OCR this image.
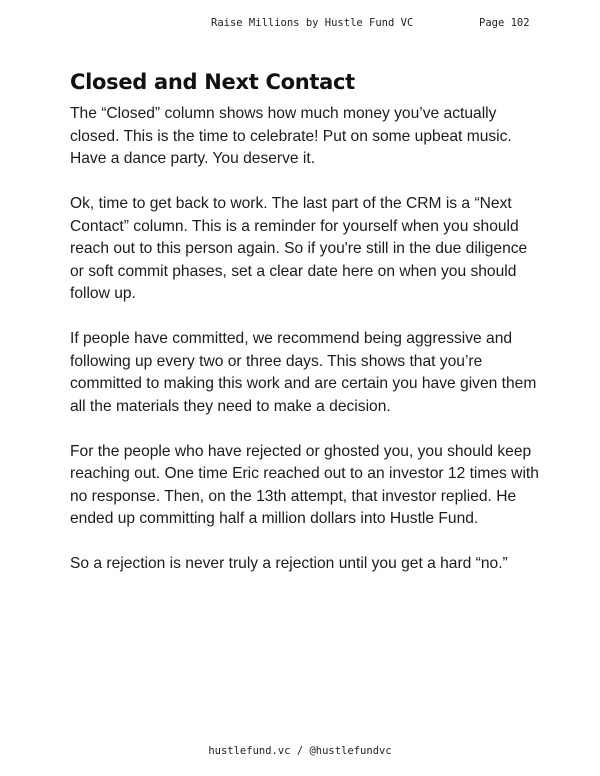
Raise Millions by Hustle Fund VC	Page 102
Closed and Next Contact
The “Closed” column shows how much money you’ve actually
closed. This is the time to celebrate! Put on some upbeat music.
Have a dance party. You deserve it.
Ok, time to get back to work. The last part of the CRM is a “Next
Contact” column. This is a reminder for yourself when you should
reach out to this person again. So if you're still in the due diligence
or soft commit phases, set a clear date here on when you should
follow up.
If people have committed, we recommend being aggressive and
following up every two or three days. This shows that you’re
committed to making this work and are certain you have given them
all the materials they need to make a decision.
For the people who have rejected or ghosted you, you should keep
reaching out. One time Eric reached out to an investor 12 times with
no response. Then, on the 13th attempt, that investor replied. He
ended up committing half a million dollars into Hustle Fund.
So a rejection is never truly a rejection until you get a hard “no.”
hustlefund.vc / @hustlefundvc
